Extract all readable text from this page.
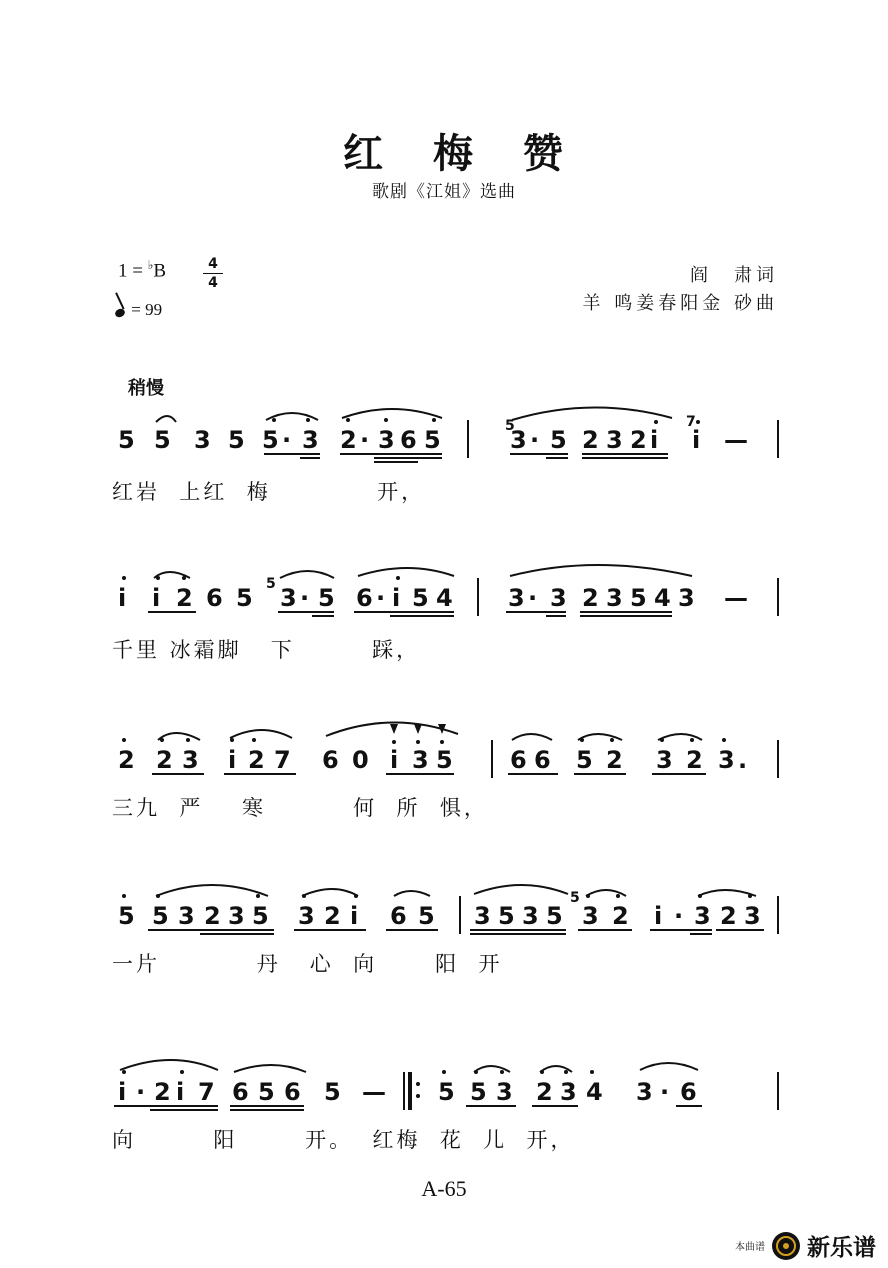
红 梅 赞
歌剧《江姐》选曲
1 = ♭B	4
4
= 99
阎　肃词
羊 鸣姜春阳金 砂曲
稍慢
5 5 3 5 5 · 3 2 · 3 6 5	5
3 · 5 2 3 2 i
7
i —
红岩  上红  梅           开，
i i 2 6 5 5 3 · 5 6 · i 5 4 3 · 3 2 3 5 4 3 —
千里 冰霜脚   下        踩，
2 2 3 i 2 7 6 0 i 3 5 6 6 5 2 3 2 3 .
三九  严    寒         何  所  惧，
5 5 3 2 3 5 3 2 i 6 5 3 5 3 5
5
3 2 i · 3 2 3
一片          丹   心  向      阳  开
i · 2 i 7 6 5 6 5 — 5 5 3 2 3 4 3 · 6
向        阳       开。  红梅  花  儿  开，
A-65
本曲谱 新乐谱
